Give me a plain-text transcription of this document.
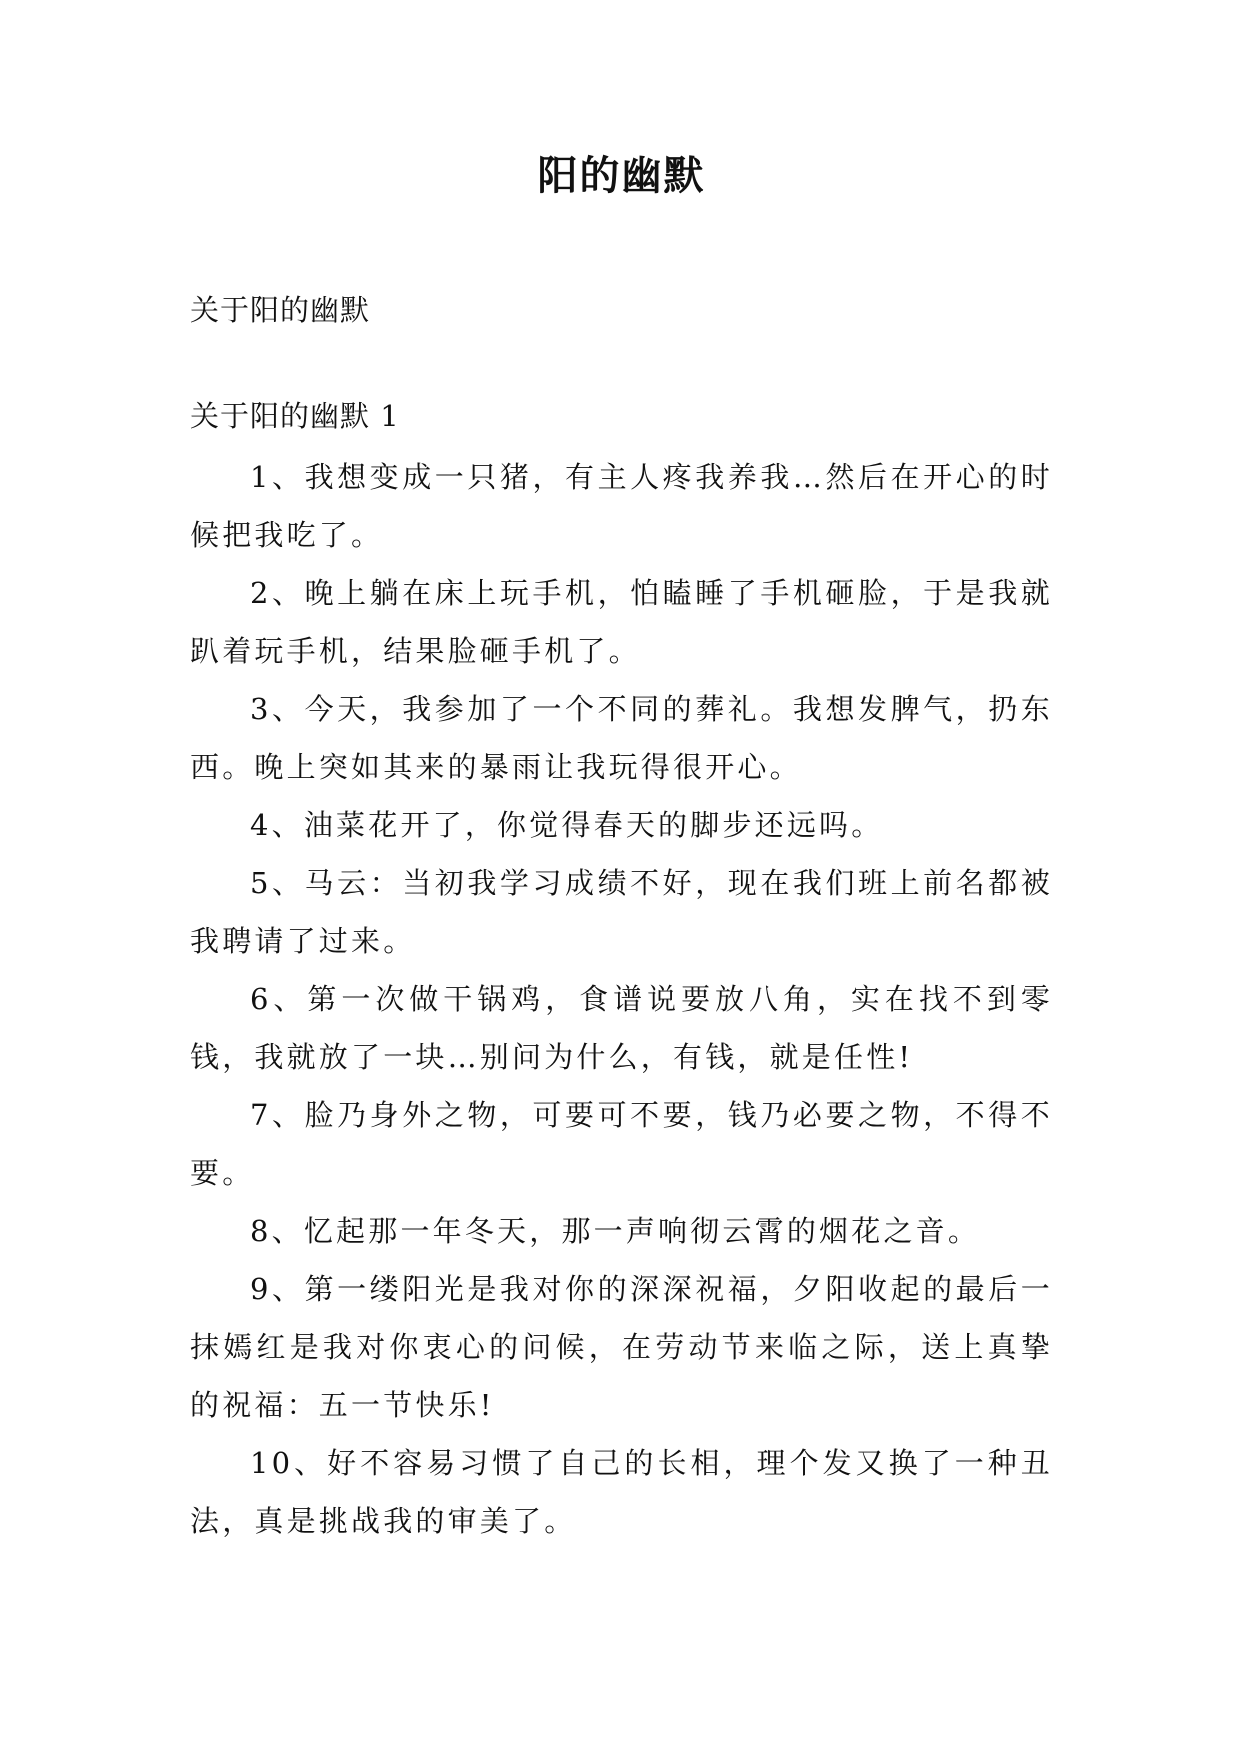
阳的幽默

关于阳的幽默

关于阳的幽默 1

1、我想变成一只猪，有主人疼我养我…然后在开心的时候把我吃了。

2、晚上躺在床上玩手机，怕瞌睡了手机砸脸，于是我就趴着玩手机，结果脸砸手机了。

3、今天，我参加了一个不同的葬礼。我想发脾气，扔东西。晚上突如其来的暴雨让我玩得很开心。

4、油菜花开了，你觉得春天的脚步还远吗。

5、马云：当初我学习成绩不好，现在我们班上前名都被我聘请了过来。

6、第一次做干锅鸡，食谱说要放八角，实在找不到零钱，我就放了一块…别问为什么，有钱，就是任性!

7、脸乃身外之物，可要可不要，钱乃必要之物，不得不要。

8、忆起那一年冬天，那一声响彻云霄的烟花之音。

9、第一缕阳光是我对你的深深祝福，夕阳收起的最后一抹嫣红是我对你衷心的问候，在劳动节来临之际，送上真挚的祝福：五一节快乐!

10、好不容易习惯了自己的长相，理个发又换了一种丑法，真是挑战我的审美了。
